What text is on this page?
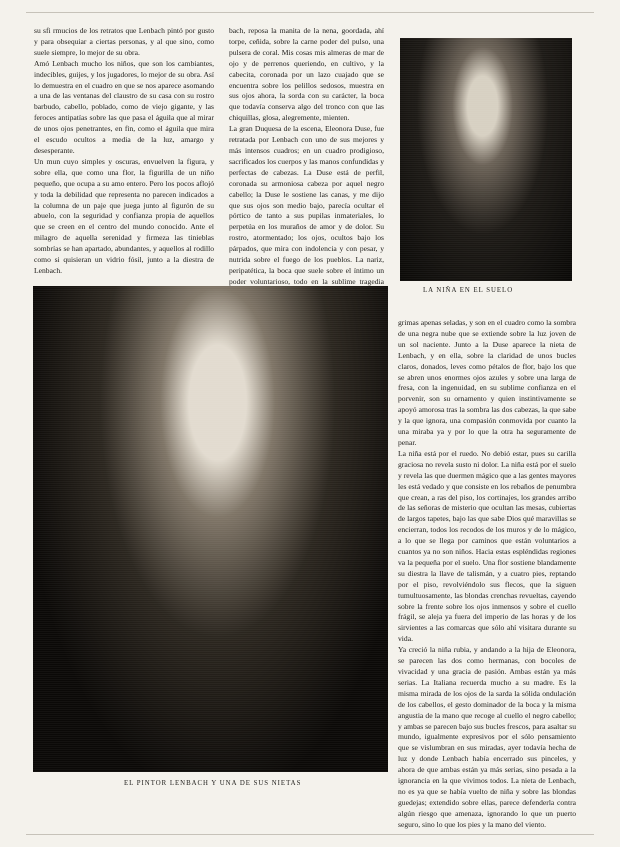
su sfi rmucios de los retratos que Lenbach pintó por gusto y para obsequiar a ciertas personas, y al que sino, como suele siempre, lo mejor de su obra.
Amó Lenbach mucho los niños, que son los cambiantes, indecibles, guijes, y los jugadores, lo mejor de su obra. Así lo demuestra en el cuadro en que se nos aparece asomando a una de las ventanas del claustro de su casa con su rostro barbudo, cabello, poblado, como de viejo gigante, y las feroces antipatías sobre las que pasa el águila que al mirar de unos ojos penetrantes, en fin, como el águila que mira el escudo ocultos a media de la luz, amargo y desesperante.
Un mun cuyo simples y oscuras, envuelven la figura, y sobre ella, que como una flor, la figurilla de un niño pequeño, que ocupa a su amo entero. Pero los pocos aflojó y toda la debilidad que representa no parecen indicados a la columna de un paje que juega junto al figurón de su abuelo, con la seguridad y confianza propia de aquellos que se creen en el centro del mundo conocido. Ante el milagro de aquella serenidad y firmeza las tinieblas sombrías se han apartado, abundantes, y aquellos al rodillo como si quisieran un vidrio fósil, junto a la diestra de Lenbach.
bach, reposa la manita de la nena, goordada, ahí torpe, ceñida, sobre la carne poder del pulso, una pulsera de coral. Mis cosas mis almeras de mar de ojo y de perrenos queriendo, en cultivo, y la cabecita, coronada por un lazo cuajado que se encuentra sobre los pelillos sedosos, muestra en sus ojos ahora, la sorda con su carácter, la boca que todavía conserva algo del tronco con que las chiquillas, glosa, alegremente, mienten.
La gran Duquesa de la escena, Eleonora Duse, fue retratada por Lenbach con uno de sus mejores y más intensos cuadros; en un cuadro prodigioso, sacrificados los cuerpos y las manos confundidas y perfectas de cabezas. La Duse está de perfil, coronada su armoniosa cabeza por aquel negro cabello; la Duse le sostiene las canas, y me dijo que sus ojos son medio bajo, parecía ocultar el pórtico de tanto a sus pupilas inmateriales, lo perpetúa en los muraños de amor y de dolor. Su rostro, atormentado; los ojos, ocultos bajo los párpados, que mira con indolencia y con pesar, y nutrida sobre el fuego de los pueblos. La nariz, peripatética, la boca que suele sobre el íntimo un poder voluntarioso, todo en la sublime tragedia
LA NIÑA EN EL SUELO
EL PINTOR LENBACH Y UNA DE SUS NIETAS
grimas apenas seladas, y son en el cuadro como la sombra de una negra nube que se extiende sobre la luz joven de un sol naciente. Junto a la Duse aparece la nieta de Lenbach, y en ella, sobre la claridad de unos bucles claros, donados, leves como pétalos de flor, bajo los que se abren unos enormes ojos azules y sobre una larga de fresa, con la ingenuidad, en su sublime confianza en el porvenir, son su ornamento y quien instintivamente se apoyó amorosa tras la sombra las dos cabezas, la que sabe y la que ignora, una compasión conmovida por cuanto la una miraba ya y por lo que la otra ha seguramente de penar.
La niña está por el ruedo. No debió estar, pues su carilla graciosa no revela susto ni dolor. La niña está por el suelo y revela las que duermen mágico que a las gentes mayores les está vedado y que consiste en los rebaños de penumbra que crean, a ras del piso, los cortinajes, los grandes arribo de las señoras de misterio que ocultan las mesas, cubiertas de largos tapetes, bajo las que sabe Dios qué maravillas se encierran, todos los recodos de los muros y de lo mágico, a lo que se llega por caminos que están voluntarios a cuantos ya no son niños. Hacia estas espléndidas regiones va la pequeña por el suelo. Una flor sostiene blandamente su diestra la llave de talismán, y a cuatro pies, reptando por el piso, revolviéndolo sus flecos, que la siguen tumultuosamente, las blondas crenchas revueltas, cayendo sobre la frente sobre los ojos inmensos y sobre el cuello frágil, se aleja ya fuera del imperio de las horas y de los sirvientes a las comarcas que sólo ahí visitara durante su vida.
Ya creció la niña rubia, y andando a la hija de Eleonora, se parecen las dos como hermanas, con bocoles de vivacidad y una gracia de pasión. Ambas están ya más serias. La Italiana recuerda mucho a su madre. Es la misma mirada de los ojos de la sarda la sólida ondulación de los cabellos, el gesto dominador de la boca y la misma angustia de la mano que recoge al cuello el negro cabello; y ambas se parecen bajo sus bucles frescos, para asaltar su mundo, igualmente expresivos por el sólo pensamiento que se vislumbran en sus miradas, ayer todavía hecha de luz y donde Lenbach había encerrado sus pinceles, y ahora de que ambas están ya más serias, sino pesada a la ignorancia en la que vivimos todos. La nieta de Lenbach, no es ya que se había vuelto de niña y sobre las blondas guedejas; extendido sobre ellas, parece defenderla contra algún riesgo que amenaza, ignorando lo que un puerto seguro, sino lo que los pies y la mano del viento.
